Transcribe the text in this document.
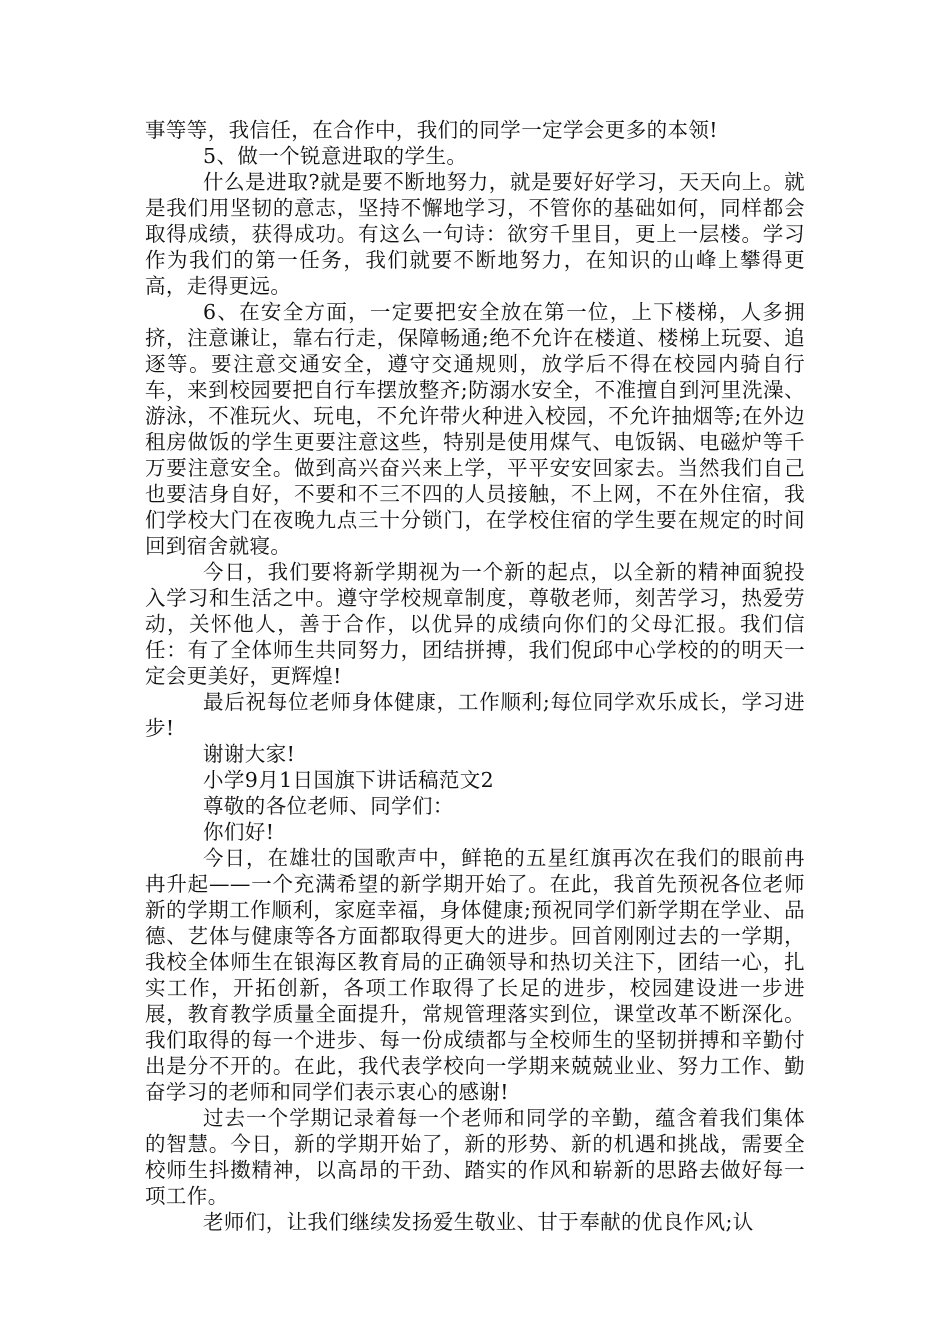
事等等，我信任，在合作中，我们的同学一定学会更多的本领!

5、做一个锐意进取的学生。

什么是进取?就是要不断地努力，就是要好好学习，天天向上。就是我们用坚韧的意志，坚持不懈地学习，不管你的基础如何，同样都会取得成绩，获得成功。有这么一句诗：欲穷千里目，更上一层楼。学习作为我们的第一任务，我们就要不断地努力，在知识的山峰上攀得更高，走得更远。

6、在安全方面，一定要把安全放在第一位，上下楼梯，人多拥挤，注意谦让，靠右行走，保障畅通;绝不允许在楼道、楼梯上玩耍、追逐等。要注意交通安全，遵守交通规则，放学后不得在校园内骑自行车，来到校园要把自行车摆放整齐;防溺水安全，不准擅自到河里洗澡、游泳，不准玩火、玩电，不允许带火种进入校园，不允许抽烟等;在外边租房做饭的学生更要注意这些，特别是使用煤气、电饭锅、电磁炉等千万要注意安全。做到高兴奋兴来上学，平平安安回家去。当然我们自己也要洁身自好，不要和不三不四的人员接触，不上网，不在外住宿，我们学校大门在夜晚九点三十分锁门，在学校住宿的学生要在规定的时间回到宿舍就寝。

今日，我们要将新学期视为一个新的起点，以全新的精神面貌投入学习和生活之中。遵守学校规章制度，尊敬老师，刻苦学习，热爱劳动，关怀他人，善于合作，以优异的成绩向你们的父母汇报。我们信任：有了全体师生共同努力，团结拼搏，我们倪邱中心学校的的明天一定会更美好，更辉煌!

最后祝每位老师身体健康，工作顺利;每位同学欢乐成长，学习进步!

谢谢大家!

小学9月1日国旗下讲话稿范文2

尊敬的各位老师、同学们：

你们好!

今日，在雄壮的国歌声中，鲜艳的五星红旗再次在我们的眼前冉冉升起——一个充满希望的新学期开始了。在此，我首先预祝各位老师新的学期工作顺利，家庭幸福，身体健康;预祝同学们新学期在学业、品德、艺体与健康等各方面都取得更大的进步。回首刚刚过去的一学期，我校全体师生在银海区教育局的正确领导和热切关注下，团结一心，扎实工作，开拓创新，各项工作取得了长足的进步，校园建设进一步进展，教育教学质量全面提升，常规管理落实到位，课堂改革不断深化。我们取得的每一个进步、每一份成绩都与全校师生的坚韧拼搏和辛勤付出是分不开的。在此，我代表学校向一学期来兢兢业业、努力工作、勤奋学习的老师和同学们表示衷心的感谢!

过去一个学期记录着每一个老师和同学的辛勤，蕴含着我们集体的智慧。今日，新的学期开始了，新的形势、新的机遇和挑战，需要全校师生抖擞精神，以高昂的干劲、踏实的作风和崭新的思路去做好每一项工作。

老师们，让我们继续发扬爱生敬业、甘于奉献的优良作风;认
